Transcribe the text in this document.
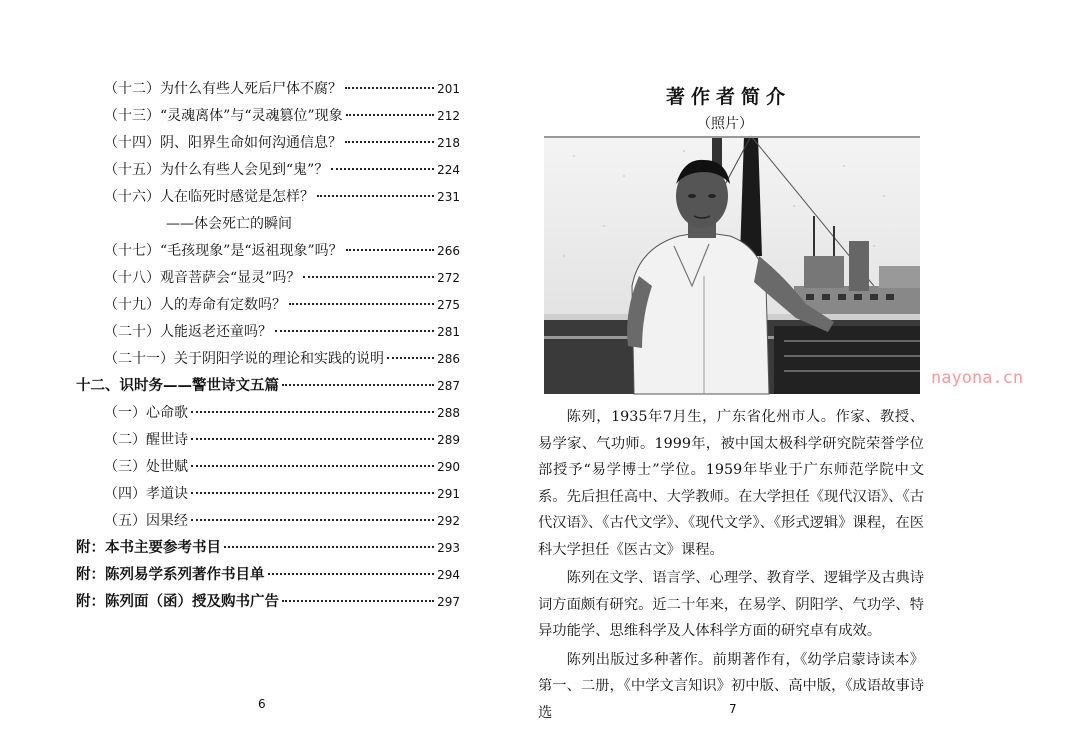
（十二）为什么有些人死后尸体不腐？	201
（十三）“灵魂离体”与“灵魂篡位”现象	212
（十四）阴、阳界生命如何沟通信息？	218
（十五）为什么有些人会见到“鬼”？	224
（十六）人在临死时感觉是怎样？	231
——体会死亡的瞬间
（十七）“毛孩现象”是“返祖现象”吗？	266
（十八）观音菩萨会“显灵”吗？	272
（十九）人的寿命有定数吗？	275
（二十）人能返老还童吗？	281
（二十一）关于阴阳学说的理论和实践的说明	286
十二、识时务——警世诗文五篇	287
（一）心命歌	288
（二）醒世诗	289
（三）处世赋	290
（四）孝道诀	291
（五）因果经	292
附：本书主要参考书目	293
附：陈列易学系列著作书目单	294
附：陈列面（函）授及购书广告	297
6
著作者简介
（照片）
nayona.cn

陈列，1935年7月生，广东省化州市人。作家、教授、易学家、气功师。1999年，被中国太极科学研究院荣誉学位部授予“易学博士”学位。1959年毕业于广东师范学院中文系。先后担任高中、大学教师。在大学担任《现代汉语》、《古代汉语》、《古代文学》、《现代文学》、《形式逻辑》课程，在医科大学担任《医古文》课程。

陈列在文学、语言学、心理学、教育学、逻辑学及古典诗词方面颇有研究。近二十年来，在易学、阴阳学、气功学、特异功能学、思维科学及人体科学方面的研究卓有成效。

陈列出版过多种著作。前期著作有，《幼学启蒙诗读本》第一、二册，《中学文言知识》初中版、高中版，《成语故事诗选	7
